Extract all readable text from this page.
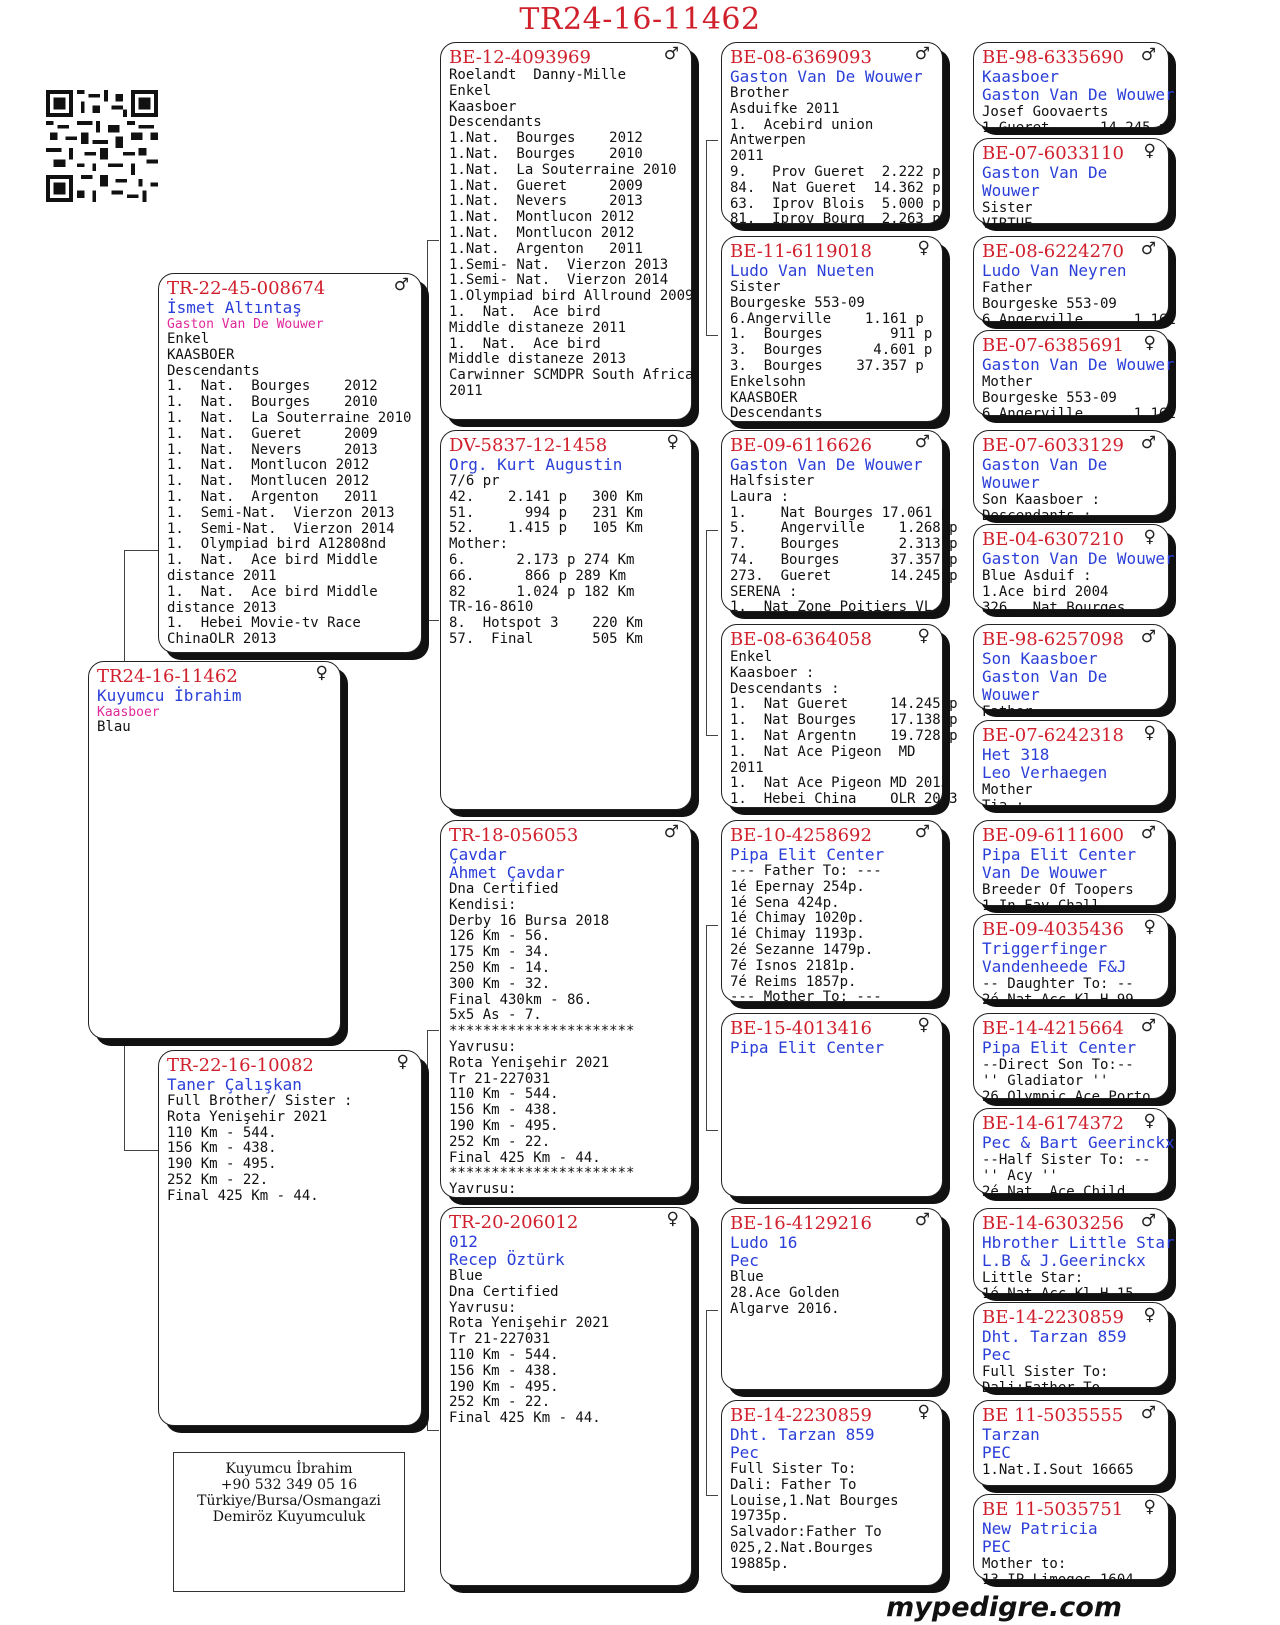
TR24-16-11462
TR24-16-11462	♀
Kuyumcu İbrahim
Kaasboer
Blau
TR-22-45-008674	♂
İsmet Altıntaş
Gaston Van De Wouwer
Enkel
KAASBOER
Descendants
1.  Nat.  Bourges    2012
1.  Nat.  Bourges    2010
1.  Nat.  La Souterraine 2010
1.  Nat.  Gueret     2009
1.  Nat.  Nevers     2013
1.  Nat.  Montlucon 2012
1.  Nat.  Montlucen 2012
1.  Nat.  Argenton   2011
1.  Semi-Nat.  Vierzon 2013
1.  Semi-Nat.  Vierzon 2014
1.  Olympiad bird A12808nd
1.  Nat.  Ace bird Middle
distance 2011
1.  Nat.  Ace bird Middle
distance 2013
1.  Hebei Movie-tv Race
ChinaOLR 2013
TR-22-16-10082	♀
Taner Çalışkan
Full Brother/ Sister :
Rota Yenişehir 2021
110 Km - 544.
156 Km - 438.
190 Km - 495.
252 Km - 22.
Final 425 Km - 44.
BE-12-4093969	♂
Roelandt  Danny-Mille
Enkel
Kaasboer
Descendants
1.Nat.  Bourges    2012
1.Nat.  Bourges    2010
1.Nat.  La Souterraine 2010
1.Nat.  Gueret     2009
1.Nat.  Nevers     2013
1.Nat.  Montlucon 2012
1.Nat.  Montlucon 2012
1.Nat.  Argenton   2011
1.Semi- Nat.  Vierzon 2013
1.Semi- Nat.  Vierzon 2014
1.Olympiad bird Allround 2009
1.  Nat.  Ace bird
Middle distaneze 2011
1.  Nat.  Ace bird
Middle distaneze 2013
Carwinner SCMDPR South Africa
2011
DV-5837-12-1458	♀
Org. Kurt Augustin
7/6 pr
42.    2.141 p   300 Km
51.      994 p   231 Km
52.    1.415 p   105 Km
Mother:
6.      2.173 p 274 Km
66.      866 p 289 Km
82      1.024 p 182 Km
TR-16-8610
8.  Hotspot 3    220 Km
57.  Final       505 Km
TR-18-056053	♂
Çavdar
Ahmet Çavdar
Dna Certified
Kendisi:
Derby 16 Bursa 2018
126 Km - 56.
175 Km - 34.
250 Km - 14.
300 Km - 32.
Final 430km - 86.
5x5 As - 7.
**********************
Yavrusu:
Rota Yenişehir 2021
Tr 21-227031
110 Km - 544.
156 Km - 438.
190 Km - 495.
252 Km - 22.
Final 425 Km - 44.
**********************
Yavrusu:
TR-20-206012	♀
012
Recep Öztürk
Blue
Dna Certified
Yavrusu:
Rota Yenişehir 2021
Tr 21-227031
110 Km - 544.
156 Km - 438.
190 Km - 495.
252 Km - 22.
Final 425 Km - 44.
BE-08-6369093	♂
Gaston Van De Wouwer
Brother
Asduifke 2011
1.  Acebird union
Antwerpen
2011
9.   Prov Gueret  2.222 p
84.  Nat Gueret  14.362 p
63.  Iprov Blois  5.000 p
81.  Iprov Bourg  2.263 p
BE-11-6119018	♀
Ludo Van Nueten
Sister
Bourgeske 553-09
6.Angerville    1.161 p
1.  Bourges        911 p
3.  Bourges      4.601 p
3.  Bourges    37.357 p
Enkelsohn
KAASBOER
Descendants
BE-09-6116626	♂
Gaston Van De Wouwer
Halfsister
Laura :
1.    Nat Bourges 17.061 p
5.    Angerville    1.268 p
7.    Bourges       2.313 p
74.   Bourges      37.357 p
273.  Gueret       14.245 p
SERENA :
1.  Nat Zone Poitiers VL
BE-08-6364058	♀
Enkel
Kaasboer :
Descendants :
1.  Nat Gueret     14.245 p
1.  Nat Bourges    17.138 p
1.  Nat Argentn    19.728 p
1.  Nat Ace Pigeon  MD
2011
1.  Nat Ace Pigeon MD 2013
1.  Hebei China    OLR 2013
BE-10-4258692	♂
Pipa Elit Center
--- Father To: ---
1é Epernay 254p.
1é Sena 424p.
1é Chimay 1020p.
1é Chimay 1193p.
2é Sezanne 1479p.
7é Isnos 2181p.
7é Reims 1857p.
--- Mother To: ---
BE-15-4013416	♀
Pipa Elit Center
BE-16-4129216	♂
Ludo 16
Pec
Blue
28.Ace Golden
Algarve 2016.
BE-14-2230859	♀
Dht. Tarzan 859
Pec
Full Sister To:
Dali: Father To
Louise,1.Nat Bourges
19735p.
Salvador:Father To
025,2.Nat.Bourges
19885p.
BE-98-6335690 ♂
Kaasboer
Gaston Van De Wouwer
Josef Goovaerts
1.Gueret      14.245 p
BE-07-6033110	♀
Gaston Van De
Wouwer
Sister
VIRTUE
BE-08-6224270 ♂
Ludo Van Neyren
Father
Bourgeske 553-09
6.Angerville      1.161
BE-07-6385691	♀
Gaston Van De Wouwer
Mother
Bourgeske 553-09
6.Angerville      1.161
BE-07-6033129 ♂
Gaston Van De
Wouwer
Son Kaasboer :
Descendants :
BE-04-6307210	♀
Gaston Van De Wouwer
Blue Asduif :
1.Ace bird 2004
326.  Nat Bourges
BE-98-6257098 ♂
Son Kaasboer
Gaston Van De
Wouwer
Father
BE-07-6242318	♀
Het 318
Leo Verhaegen
Mother
Tia :
BE-09-6111600 ♂
Pipa Elit Center
Van De Wouwer
Breeder Of Toopers
1.In Fav Chall
BE-09-4035436	♀
Triggerfinger
Vandenheede F&J
-- Daughter To: --
2é Nat.Acc Kl.H.99
BE-14-4215664 ♂
Pipa Elit Center
--Direct Son To:--
'' Gladiator ''
26.Olympic Ace Porto
BE-14-6174372	♀
Pec & Bart Geerinckx
--Half Sister To: --
'' Acy ''
2é Nat. Ace Child
BE-14-6303256 ♂
Hbrother Little Star
L.B & J.Geerinckx
Little Star:
1é Nat.Acc Kl.H.15
BE-14-2230859	♀
Dht. Tarzan 859
Pec
Full Sister To:
Dali:Father To
BE 11-5035555	♂
Tarzan
PEC
1.Nat.I.Sout 16665
BE 11-5035751	♀
New Patricia
PEC
Mother to:
13.IP.Limoges 1604
Kuyumcu İbrahim
+90 532 349 05 16
Türkiye/Bursa/Osmangazi
Demiröz Kuyumculuk
mypedigre.com
